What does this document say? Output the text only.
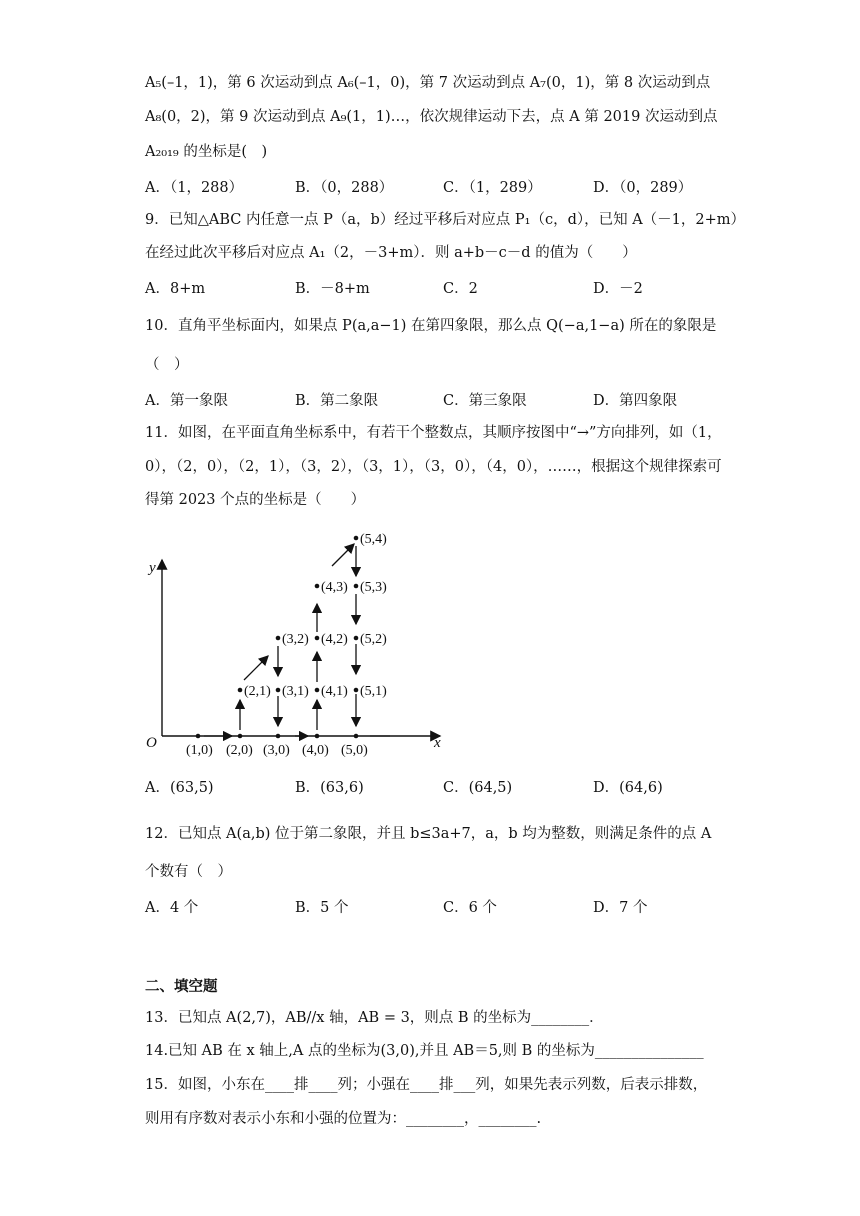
A₅(–1，1)，第 6 次运动到点 A₆(–1，0)，第 7 次运动到点 A₇(0，1)，第 8 次运动到点
A₈(0，2)，第 9 次运动到点 A₉(1，1)…，依次规律运动下去，点 A 第 2019 次运动到点
A₂₀₁₉ 的坐标是(　)
A．（1，288）	B．（0，288）	C．（1，289）	D．（0，289）
9．已知△ABC 内任意一点 P（a，b）经过平移后对应点 P₁（c，d），已知 A（－1，2+m）
在经过此次平移后对应点 A₁（2，－3+m）．则 a+b－c－d 的值为（　　）
A．8+m	B．－8+m	C．2	D．－2
10．直角平坐标面内，如果点 P(a,a−1) 在第四象限，那么点 Q(−a,1−a) 所在的象限是
（　）
A．第一象限	B．第二象限	C．第三象限	D．第四象限
11．如图，在平面直角坐标系中，有若干个整数点，其顺序按图中“→”方向排列，如（1，
0），（2，0），（2，1），（3，2），（3，1），（3，0），（4，0），……，根据这个规律探索可
得第 2023 个点的坐标是（　　）
O	x
y
(1,0) (2,0) (3,0) (4,0) (5,0)
(2,1) (3,1) (4,1) (5,1)
(3,2) (4,2) (5,2)
(4,3) (5,3)
(5,4)
A．(63,5)	B．(63,6)	C．(64,5)	D．(64,6)
12．已知点 A(a,b) 位于第二象限，并且 b≤3a+7，a，b 均为整数，则满足条件的点 A
个数有（　）
A．4 个	B．5 个	C．6 个	D．7 个
二、填空题
13．已知点 A(2,7)，AB//x 轴，AB = 3，则点 B 的坐标为________．
14.已知 AB 在 x 轴上,A 点的坐标为(3,0),并且 AB＝5,则 B 的坐标为_______________
15．如图，小东在____排____列；小强在____排___列，如果先表示列数，后表示排数，
则用有序数对表示小东和小强的位置为：________，________.
